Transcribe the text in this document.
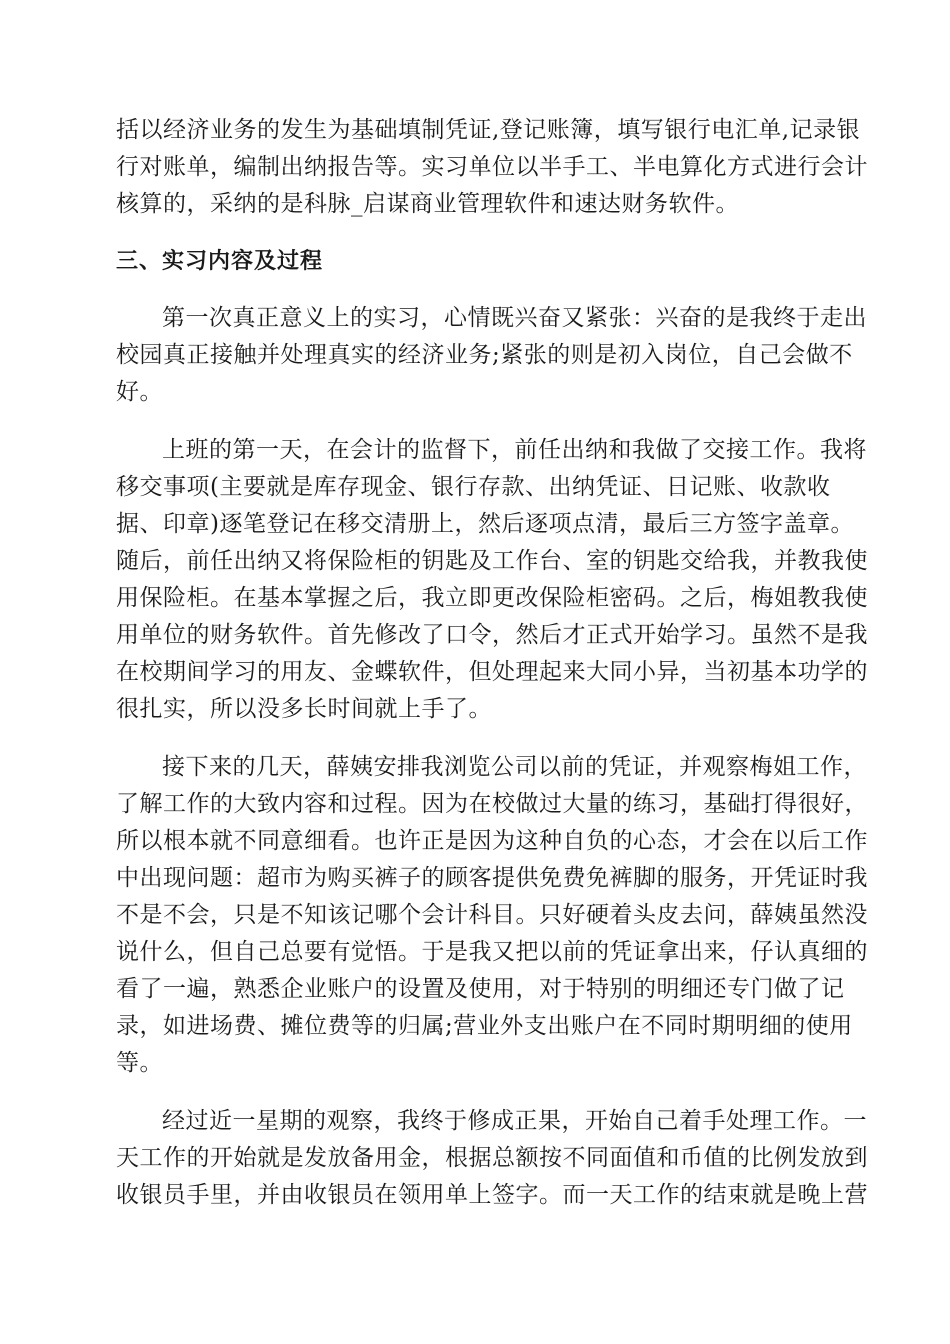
括以经济业务的发生为基础填制凭证,登记账簿，填写银行电汇单,记录银
行对账单，编制出纳报告等。实习单位以半手工、半电算化方式进行会计
核算的，采纳的是科脉_启谋商业管理软件和速达财务软件。
三、实习内容及过程
第一次真正意义上的实习，心情既兴奋又紧张：兴奋的是我终于走出
校园真正接触并处理真实的经济业务;紧张的则是初入岗位，自己会做不
好。
上班的第一天，在会计的监督下，前任出纳和我做了交接工作。我将
移交事项(主要就是库存现金、银行存款、出纳凭证、日记账、收款收
据、印章)逐笔登记在移交清册上，然后逐项点清，最后三方签字盖章。
随后，前任出纳又将保险柜的钥匙及工作台、室的钥匙交给我，并教我使
用保险柜。在基本掌握之后，我立即更改保险柜密码。之后，梅姐教我使
用单位的财务软件。首先修改了口令，然后才正式开始学习。虽然不是我
在校期间学习的用友、金蝶软件，但处理起来大同小异，当初基本功学的
很扎实，所以没多长时间就上手了。
接下来的几天，薛姨安排我浏览公司以前的凭证，并观察梅姐工作，
了解工作的大致内容和过程。因为在校做过大量的练习，基础打得很好，
所以根本就不同意细看。也许正是因为这种自负的心态，才会在以后工作
中出现问题：超市为购买裤子的顾客提供免费免裤脚的服务，开凭证时我
不是不会，只是不知该记哪个会计科目。只好硬着头皮去问，薛姨虽然没
说什么，但自己总要有觉悟。于是我又把以前的凭证拿出来，仔认真细的
看了一遍，熟悉企业账户的设置及使用，对于特别的明细还专门做了记
录，如进场费、摊位费等的归属;营业外支出账户在不同时期明细的使用
等。
经过近一星期的观察，我终于修成正果，开始自己着手处理工作。一
天工作的开始就是发放备用金，根据总额按不同面值和币值的比例发放到
收银员手里，并由收银员在领用单上签字。而一天工作的结束就是晚上营
